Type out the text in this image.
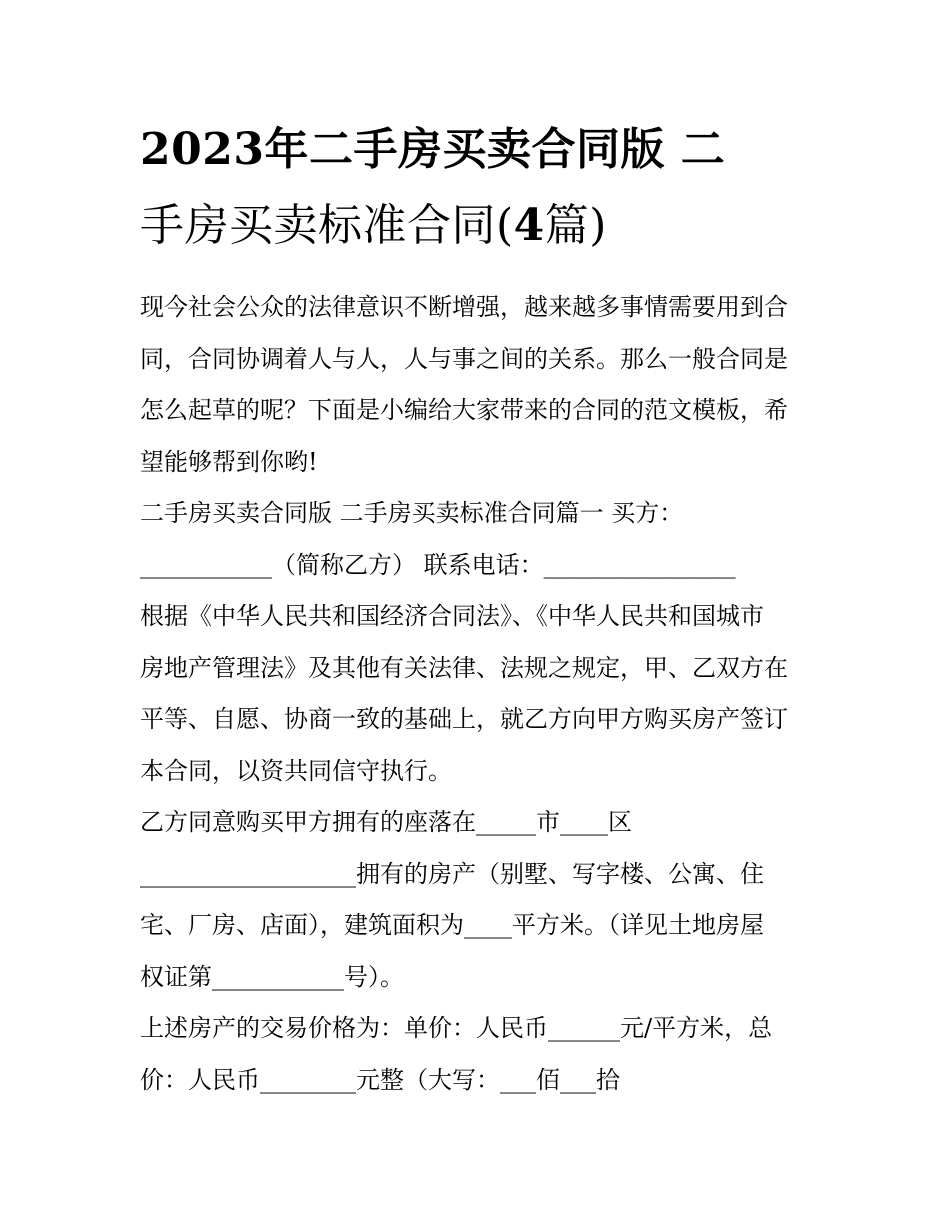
2023年二手房买卖合同版 二
手房买卖标准合同(4篇)

现今社会公众的法律意识不断增强，越来越多事情需要用到合
同，合同协调着人与人，人与事之间的关系。那么一般合同是
怎么起草的呢？下面是小编给大家带来的合同的范文模板，希
望能够帮到你哟!

二手房买卖合同版 二手房买卖标准合同篇一 买方：
___________（简称乙方） 联系电话：________________

根据《中华人民共和国经济合同法》、《中华人民共和国城市
房地产管理法》及其他有关法律、法规之规定，甲、乙双方在
平等、自愿、协商一致的基础上，就乙方向甲方购买房产签订
本合同，以资共同信守执行。

乙方同意购买甲方拥有的座落在_____市____区
__________________拥有的房产（别墅、写字楼、公寓、住
宅、厂房、店面），建筑面积为____平方米。（详见土地房屋
权证第___________号）。

上述房产的交易价格为：单价：人民币______元/平方米，总
价：人民币________元整（大写：___佰___拾
